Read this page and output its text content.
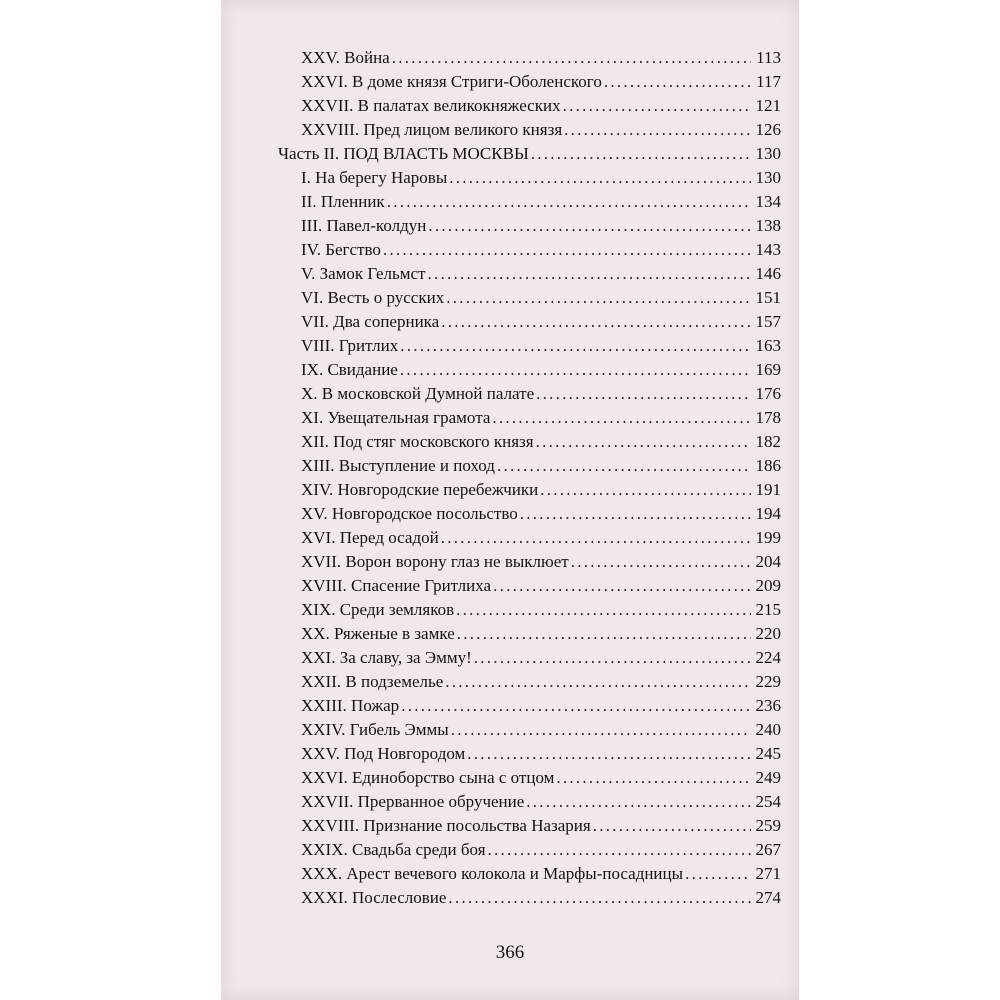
XXV. Война . . .	113
XXVI. В доме князя Стриги-Оболенского . . .	117
XXVII. В палатах великокняжеских . . .	121
XXVIII. Пред лицом великого князя . . .	126
Часть II. ПОД ВЛАСТЬ МОСКВЫ . . .	130
I. На берегу Наровы . . .	130
II. Пленник . . .	134
III. Павел-колдун . . .	138
IV. Бегство . . .	143
V. Замок Гельмст . . .	146
VI. Весть о русских . . .	151
VII. Два соперника . . .	157
VIII. Гритлих . . .	163
IX. Свидание . . .	169
X. В московской Думной палате . . .	176
XI. Увещательная грамота . . .	178
XII. Под стяг московского князя . . .	182
XIII. Выступление и поход . . .	186
XIV. Новгородские перебежчики . . .	191
XV. Новгородское посольство . . .	194
XVI. Перед осадой . . .	199
XVII. Ворон ворону глаз не выклюет . . .	204
XVIII. Спасение Гритлиха . . .	209
XIX. Среди земляков . . .	215
XX. Ряженые в замке . . .	220
XXI. За славу, за Эмму! . . .	224
XXII. В подземелье . . .	229
XXIII. Пожар . . .	236
XXIV. Гибель Эммы . . .	240
XXV. Под Новгородом . . .	245
XXVI. Единоборство сына с отцом . . .	249
XXVII. Прерванное обручение . . .	254
XXVIII. Признание посольства Назария . . .	259
XXIX. Свадьба среди боя . . .	267
XXX. Арест вечевого колокола и Марфы-посадницы . . .	271
XXXI. Послесловие . . .	274
366
